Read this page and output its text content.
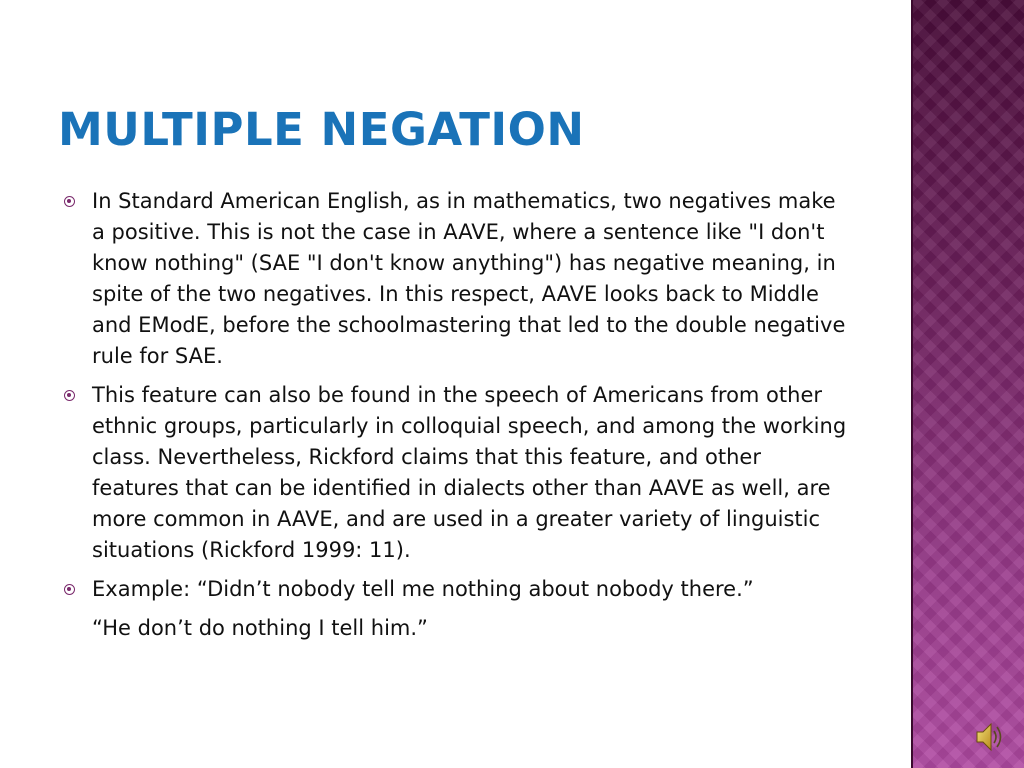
MULTIPLE NEGATION
In Standard American English, as in mathematics, two negatives make a positive. This is not the case in AAVE, where a sentence like "I don't know nothing" (SAE "I don't know anything") has negative meaning, in spite of the two negatives. In this respect, AAVE looks back to Middle and EModE, before the schoolmastering that led to the double negative rule for SAE.
This feature can also be found in the speech of Americans from other ethnic groups, particularly in colloquial speech, and among the working class. Nevertheless, Rickford claims that this feature, and other features that can be identified in dialects other than AAVE as well, are more common in AAVE, and are used in a greater variety of linguistic situations (Rickford 1999: 11).
Example: “Didn’t nobody tell me nothing about nobody there.”
“He don’t do nothing I tell him.”
